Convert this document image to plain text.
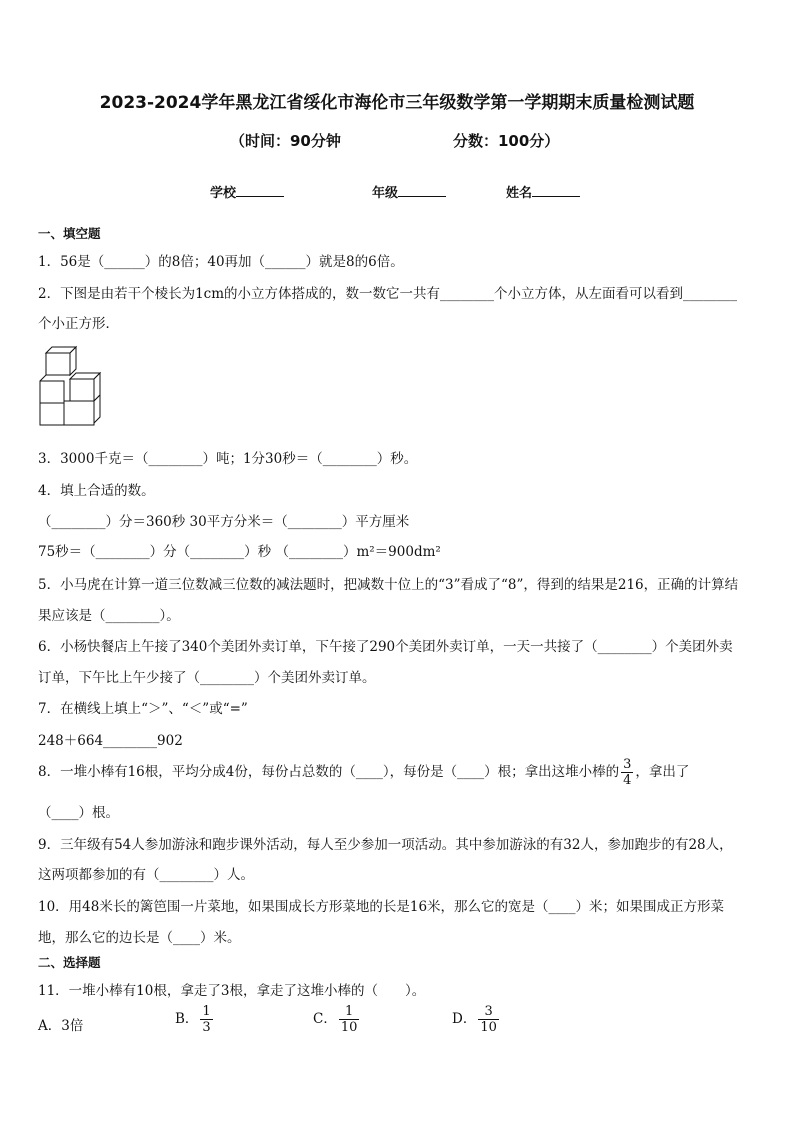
2023-2024学年黑龙江省绥化市海伦市三年级数学第一学期期末质量检测试题
（时间：90分钟	分数：100分）
学校	年级	姓名
一、填空题
1．56是（______）的8倍；40再加（______）就是8的6倍。
2．下图是由若干个棱长为1cm的小立方体搭成的，数一数它一共有________个小立方体，从左面看可以看到________
个小正方形．
3．3000千克＝（________）吨；1分30秒＝（________）秒。
4．填上合适的数。
（________）分＝360秒 30平方分米＝（________）平方厘米
75秒＝（________）分（________）秒 （________）m²＝900dm²
5．小马虎在计算一道三位数减三位数的减法题时，把减数十位上的“3”看成了“8”，得到的结果是216，正确的计算结
果应该是（________）。
6．小杨快餐店上午接了340个美团外卖订单，下午接了290个美团外卖订单，一天一共接了（________）个美团外卖
订单，下午比上午少接了（________）个美团外卖订单。
7．在横线上填上“＞”、“＜”或“=”
248＋664________902
8．一堆小棒有16根，平均分成4份，每份占总数的（____），每份是（____）根；拿出这堆小棒的 $\frac{3}{4}$ ，拿出了
（____）根。
9．三年级有54人参加游泳和跑步课外活动，每人至少参加一项活动。其中参加游泳的有32人，参加跑步的有28人，
这两项都参加的有（________）人。
10．用48米长的篱笆围一片菜地，如果围成长方形菜地的长是16米，那么它的宽是（____）米；如果围成正方形菜
地，那么它的边长是（____）米。
二、选择题
11．一堆小棒有10根，拿走了3根，拿走了这堆小棒的（　　）。
A．3倍	B． $\frac{1}{3}$	C． $\frac{1}{10}$	D． $\frac{3}{10}$
